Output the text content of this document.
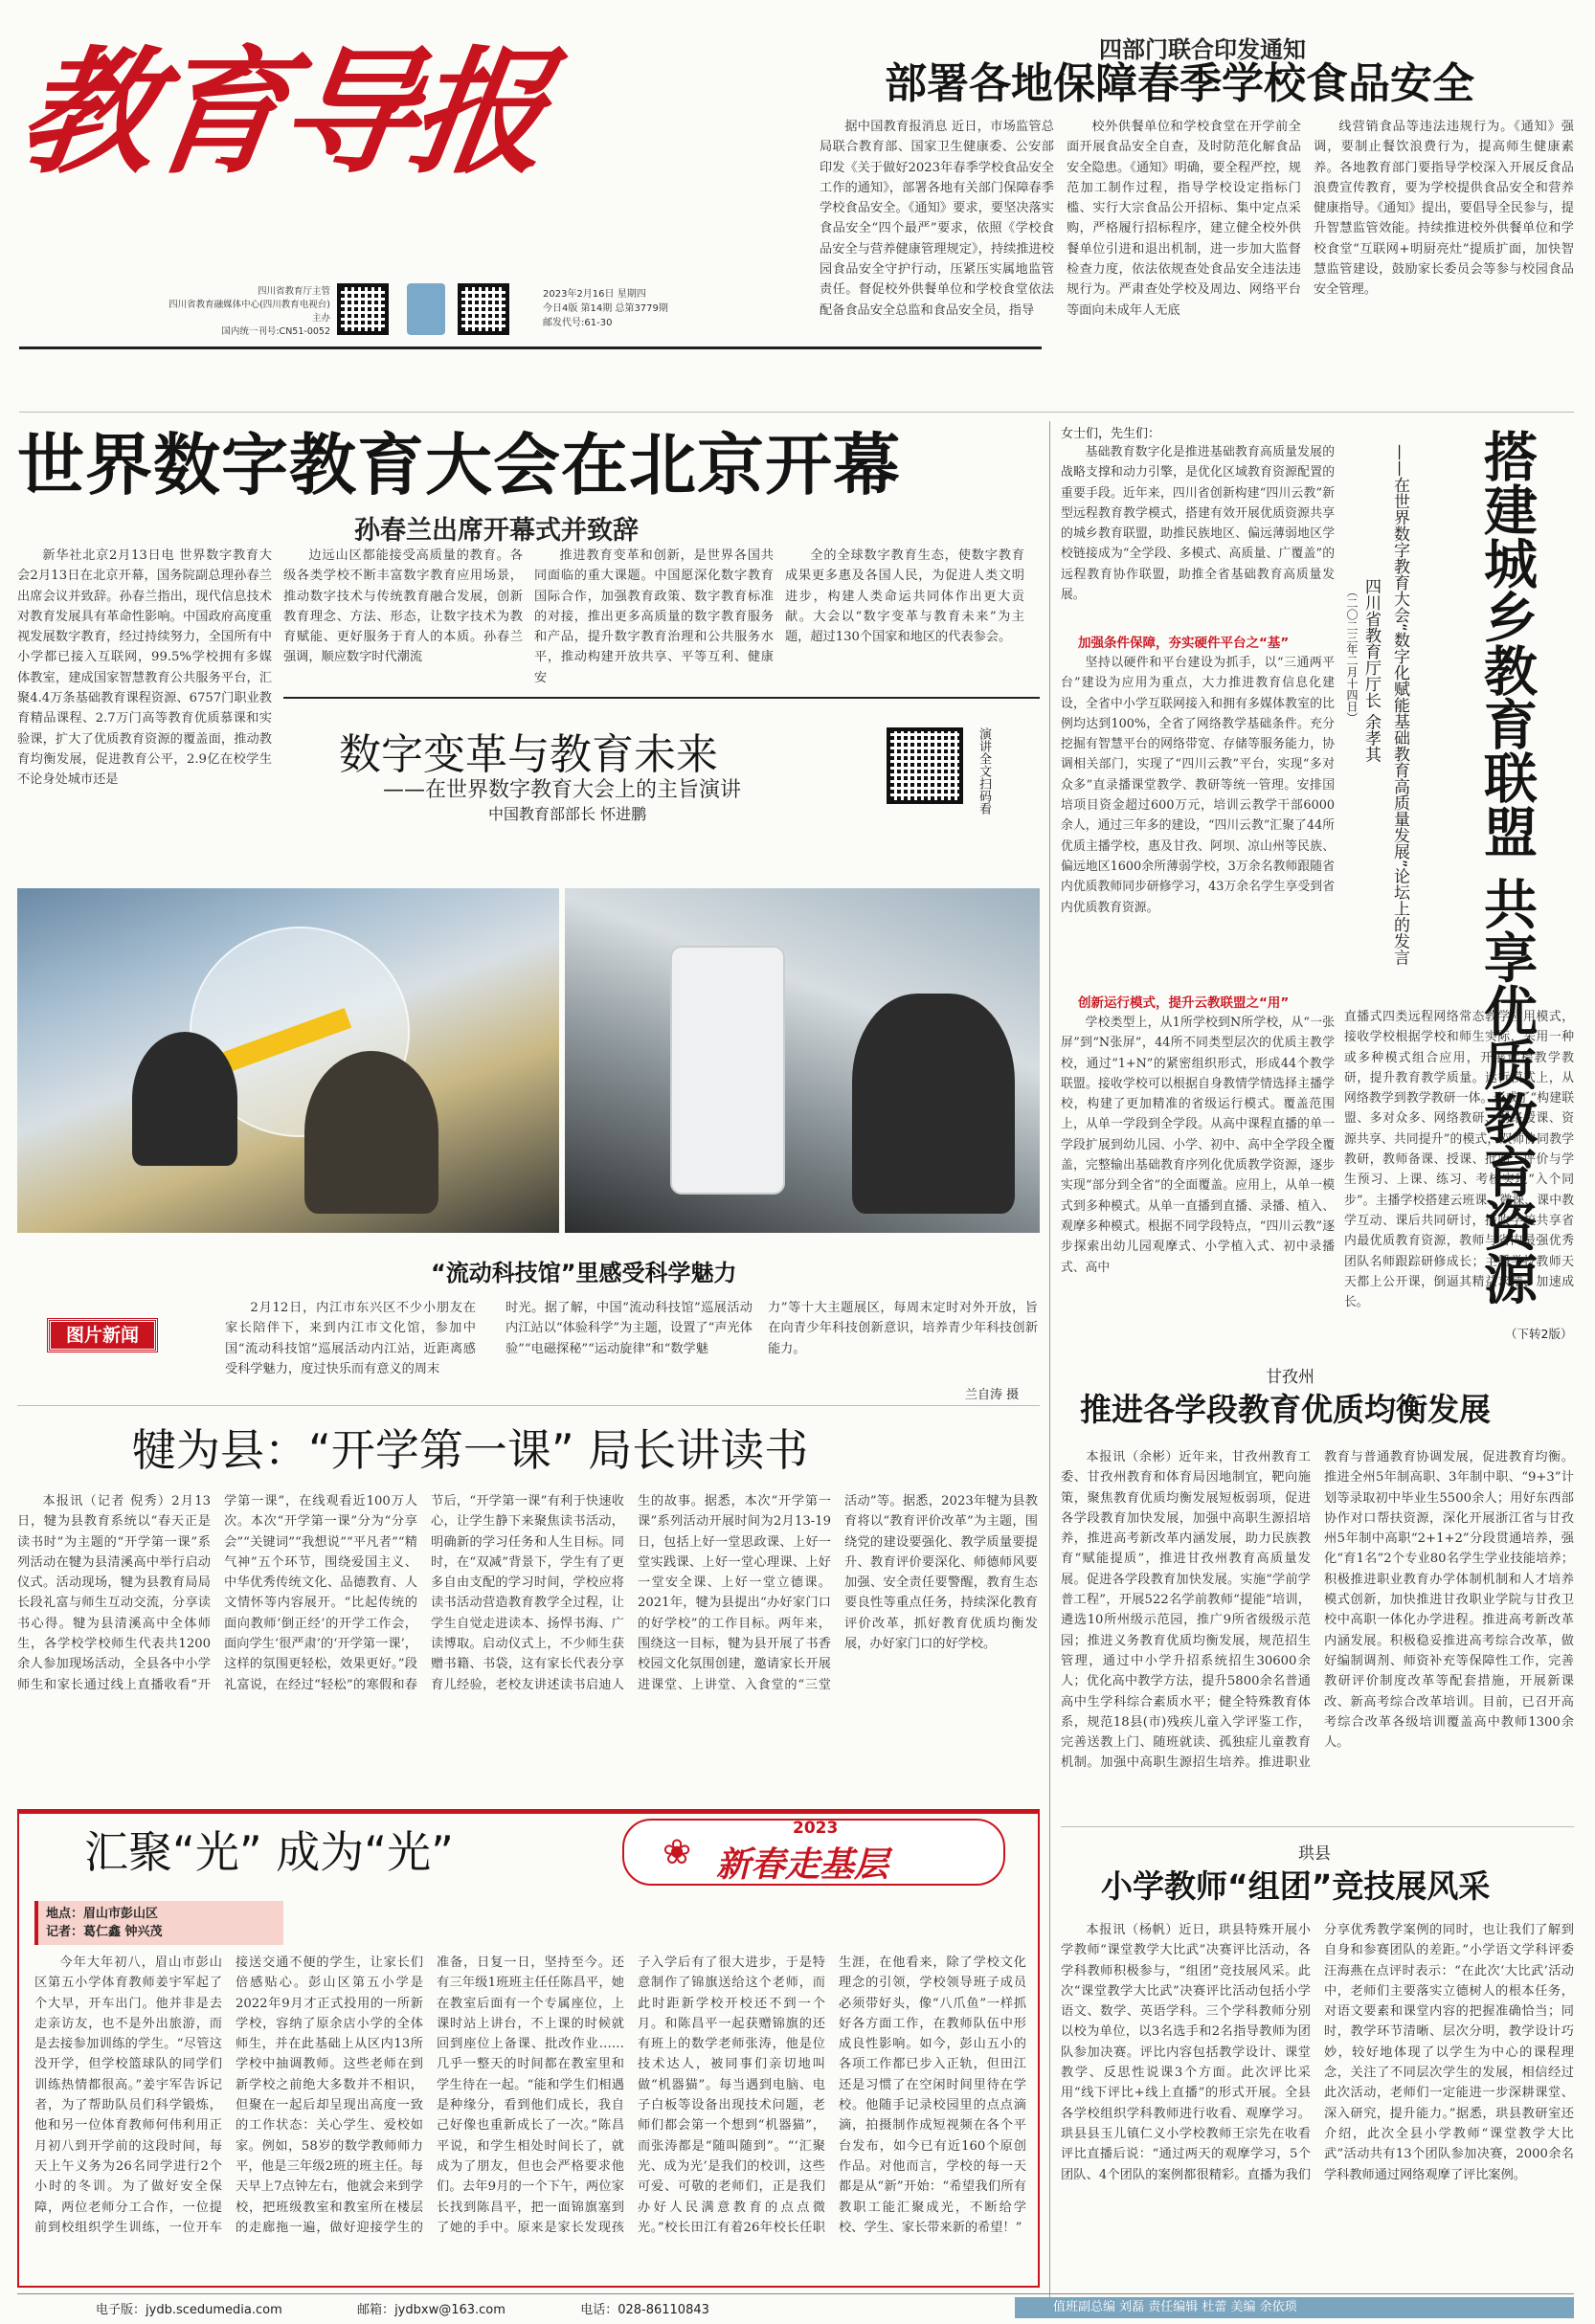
教育导报
四川省教育厅主管
四川省教育融媒体中心(四川教育电视台)主办
国内统一刊号:CN51-0052
2023年2月16日 星期四
今日4版 第14期 总第3779期
邮发代号:61-30
四部门联合印发通知
部署各地保障春季学校食品安全

据中国教育报消息 近日，市场监管总局联合教育部、国家卫生健康委、公安部印发《关于做好2023年春季学校食品安全工作的通知》，部署各地有关部门保障春季学校食品安全。《通知》要求，要坚决落实食品安全“四个最严”要求，依照《学校食品安全与营养健康管理规定》，持续推进校园食品安全守护行动，压紧压实属地监管责任。督促校外供餐单位和学校食堂依法配备食品安全总监和食品安全员，指导

校外供餐单位和学校食堂在开学前全面开展食品安全自查，及时防范化解食品安全隐患。《通知》明确，要全程严控，规范加工制作过程，指导学校设定指标门槛、实行大宗食品公开招标、集中定点采购，严格履行招标程序，建立健全校外供餐单位引进和退出机制，进一步加大监督检查力度，依法依规查处食品安全违法违规行为。严肃查处学校及周边、网络平台等面向未成年人无底

线营销食品等违法违规行为。《通知》强调，要制止餐饮浪费行为，提高师生健康素养。各地教育部门要指导学校深入开展反食品浪费宣传教育，要为学校提供食品安全和营养健康指导。《通知》提出，要倡导全民参与，提升智慧监管效能。持续推进校外供餐单位和学校食堂“互联网+明厨亮灶”提质扩面，加快智慧监管建设，鼓励家长委员会等参与校园食品安全管理。

世界数字教育大会在北京开幕
孙春兰出席开幕式并致辞

新华社北京2月13日电 世界数字教育大会2月13日在北京开幕，国务院副总理孙春兰出席会议并致辞。孙春兰指出，现代信息技术对教育发展具有革命性影响。中国政府高度重视发展数字教育，经过持续努力，全国所有中小学都已接入互联网，99.5%学校拥有多媒体教室，建成国家智慧教育公共服务平台，汇聚4.4万条基础教育课程资源、6757门职业教育精品课程、2.7万门高等教育优质慕课和实验课，扩大了优质教育资源的覆盖面，推动教育均衡发展，促进教育公平，2.9亿在校学生不论身处城市还是

边远山区都能接受高质量的教育。各级各类学校不断丰富数字教育应用场景，推动数字技术与传统教育融合发展，创新教育理念、方法、形态，让数字技术为教育赋能、更好服务于育人的本质。孙春兰强调，顺应数字时代潮流

推进教育变革和创新，是世界各国共同面临的重大课题。中国愿深化数字教育国际合作，加强教育政策、数字教育标准的对接，推出更多高质量的数字教育服务和产品，提升数字教育治理和公共服务水平，推动构建开放共享、平等互利、健康安

全的全球数字教育生态，使数字教育成果更多惠及各国人民，为促进人类文明进步，构建人类命运共同体作出更大贡献。大会以“数字变革与教育未来”为主题，超过130个国家和地区的代表参会。

数字变革与教育未来
——在世界数字教育大会上的主旨演讲
中国教育部部长 怀进鹏	演讲全文扫码看
“流动科技馆”里感受科学魅力
图片新闻

2月12日，内江市东兴区不少小朋友在家长陪伴下，来到内江市文化馆，参加中国“流动科技馆”巡展活动内江站，近距离感受科学魅力，度过快乐而有意义的周末

时光。据了解，中国“流动科技馆”巡展活动内江站以“体验科学”为主题，设置了“声光体验”“电磁探秘”“运动旋律”和“数学魅

力”等十大主题展区，每周末定时对外开放，旨在向青少年科技创新意识，培养青少年科技创新能力。

兰自涛 摄
女士们，先生们：

基础教育数字化是推进基础教育高质量发展的战略支撑和动力引擎，是优化区域教育资源配置的重要手段。近年来，四川省创新构建“四川云教”新型远程教育教学模式，搭建有效开展优质资源共享的城乡教育联盟，助推民族地区、偏远薄弱地区学校链接成为“全学段、多模式、高质量、广覆盖”的远程教育协作联盟，助推全省基础教育高质量发展。

加强条件保障，夯实硬件平台之“基”

坚持以硬件和平台建设为抓手，以“三通两平台”建设为应用为重点，大力推进教育信息化建设，全省中小学互联网接入和拥有多媒体教室的比例均达到100%，全省了网络教学基础条件。充分挖掘有智慧平台的网络带宽、存储等服务能力，协调相关部门，实现了“四川云教”平台，实现“多对众多”直录播课堂教学、教研等统一管理。安排国培项目资金超过600万元，培训云教学干部6000余人，通过三年多的建设，“四川云教”汇聚了44所优质主播学校，惠及甘孜、阿坝、凉山州等民族、偏远地区1600余所薄弱学校，3万余名教师跟随省内优质教师同步研修学习，43万余名学生享受到省内优质教育资源。

创新运行模式，提升云教联盟之“用”

学校类型上，从1所学校到N所学校，从“一张屏”到“N张屏”，44所不同类型层次的优质主教学校，通过“1+N”的紧密组织形式，形成44个教学联盟。接收学校可以根据自身教情学情选择主播学校，构建了更加精准的省级运行模式。覆盖范围上，从单一学段到全学段。从高中课程直播的单一学段扩展到幼儿园、小学、初中、高中全学段全覆盖，完整输出基础教育序列化优质教学资源，逐步实现“部分到全省”的全面覆盖。应用上，从单一模式到多种模式。从单一直播到直播、录播、植入、观摩多种模式。根据不同学段特点，“四川云教”逐步探索出幼儿园观摩式、小学植入式、初中录播式、高中

直播式四类远程网络常态教学应用模式，接收学校根据学校和师生实际，采用一种或多种模式组合应用，开展远程教学教研，提升教育教学质量。运行模式上，从网络教学到教学教研一体。形成了“构建联盟、多对众多、网络教研、网络授课、资源共享、共同提升”的模式，双师协同教学教研，教师备课、授课、批阅、评价与学生预习、上课、练习、考核实现“入个同步”。主播学校搭建云班课、微课、课中教学互动、课后共同研讨，接收学校共享省内最优质教育资源，教师与省内最强优秀团队名师跟踪研修成长；主播学校教师天天都上公开课，倒逼其精益求精、加速成长。

（下转2版）
搭建城乡教育联盟 共享优质教育资源
——在世界数字教育大会“数字化赋能基础教育高质量发展”论坛上的发言
四川省教育厅厅长 余孝其
（二〇二三年二月十四日）
犍为县：“开学第一课” 局长讲读书

本报讯（记者 倪秀）2月13日，犍为县教育系统以“春天正是读书时”为主题的“开学第一课”系列活动在犍为县清溪高中举行启动仪式。活动现场，犍为县教育局局长段礼富与师生互动交流，分享读书心得。犍为县清溪高中全体师生，各学校学校师生代表共1200余人参加现场活动，全县各中小学师生和家长通过线上直播收看“开学第一课”，在线观看近100万人次。本次“开学第一课”分为“分享会”“关键词”“我想说”“平凡者”“精气神”五个环节，围绕爱国主义、中华优秀传统文化、品德教育、人文情怀等内容展开。“比起传统的面向教师‘倒正经’的开学工作会，面向学生‘很严肃’的‘开学第一课’，这样的氛围更轻松，效果更好。”段礼富说，在经过“轻松”的寒假和春节后，“开学第一课”有利于快速收心，让学生静下来聚焦读书活动，明确新的学习任务和人生目标。同时，在“双减”背景下，学生有了更多自由支配的学习时间，学校应将读书活动营造教育教学全过程，让学生自觉走进读本、扬悍书海、广读博取。启动仪式上，不少师生获赠书籍、书袋，这有家长代表分享育儿经验，老校友讲述读书启迪人生的故事。据悉，本次“开学第一课”系列活动开展时间为2月13-19日，包括上好一堂思政课、上好一堂实践课、上好一堂心理课、上好一堂安全课、上好一堂立德课。2021年，犍为县提出“办好家门口的好学校”的工作目标。两年来，围绕这一目标，犍为县开展了书香校园文化氛围创建，邀请家长开展进课堂、上讲堂、入食堂的“三堂活动”等。据悉，2023年犍为县教育将以“教育评价改革”为主题，围绕党的建设要强化、教学质量要提升、教育评价要深化、师德师风要加强、安全责任要警醒，教育生态要良性等重点任务，持续深化教育评价改革，抓好教育优质均衡发展，办好家门口的好学校。

甘孜州
推进各学段教育优质均衡发展

本报讯（余彬）近年来，甘孜州教育工委、甘孜州教育和体育局因地制宜，靶向施策，聚焦教育优质均衡发展短板弱项，促进各学段教育加快发展，加强中高职生源招培养，推进高考新改革内涵发展，助力民族教育“赋能提质”，推进甘孜州教育高质量发展。促进各学段教育加快发展。实施“学前学普工程”，开展522名学前教师“提能”培训，遴选10所州级示范园，推广9所省级级示范园；推进义务教育优质均衡发展，规范招生管理，通过中小学升招系统招生30600余人；优化高中教学方法，提升5800余名普通高中生学科综合素质水平；健全特殊教育体系，规范18县(市)残疾儿童入学评鉴工作，完善送教上门、随班就读、孤独症儿童教育机制。加强中高职生源招生培养。推进职业教育与普通教育协调发展，促进教育均衡。推进全州5年制高职、3年制中职、“9+3”计划等录取初中毕业生5500余人；用好东西部协作对口帮扶资源，深化开展浙江省与甘孜州5年制中高职“2+1+2”分段贯通培养，强化“育1名”2个专业80名学生学业技能培养；积极推进职业教育办学体制机制和人才培养模式创新，加快推进甘孜职业学院与甘孜卫校中高职一体化办学进程。推进高考新改革内涵发展。积极稳妥推进高考综合改革，做好编制调剂、师资补充等保障性工作，完善教研评价制度改革等配套措施，开展新课改、新高考综合改革培训。目前，已召开高考综合改革各级培训覆盖高中教师1300余人。

汇聚“光” 成为“光”	2023
❀ 新春走基层
地点：眉山市彭山区
记者：葛仁鑫 钟兴茂

今年大年初八，眉山市彭山区第五小学体育教师姜宇军起了个大早，开车出门。他并非是去走亲访友，也不是外出旅游，而是去接参加训练的学生。“尽管这没开学，但学校篮球队的同学们训练热情都很高。”姜宇军告诉记者，为了帮助队员们科学锻炼，他和另一位体育教师何伟利用正月初八到开学前的这段时间，每天上午义务为26名同学进行2个小时的冬训。为了做好安全保障，两位老师分工合作，一位提前到校组织学生训练，一位开车接送交通不便的学生，让家长们倍感贴心。彭山区第五小学是2022年9月才正式投用的一所新学校，容纳了原余店小学的全体师生，并在此基础上从区内13所学校中抽调教师。这些老师在到新学校之前绝大多数并不相识，但聚在一起后却呈现出高度一致的工作状态：关心学生、爱校如家。例如，58岁的数学教师师力平，他是三年级2班的班主任。每天早上7点钟左右，他就会来到学校，把班级教室和教室所在楼层的走廊拖一遍，做好迎接学生的准备，日复一日，坚持至今。还有三年级1班班主任任陈昌平，她在教室后面有一个专属座位，上课时站上讲台，不上课的时候就回到座位上备课、批改作业……几乎一整天的时间都在教室里和学生待在一起。“能和学生们相遇是种缘分，看到他们成长，我自己好像也重新成长了一次。”陈昌平说，和学生相处时间长了，就成为了朋友，但也会严格要求他们。去年9月的一个下午，两位家长找到陈昌平，把一面锦旗塞到了她的手中。原来是家长发现孩子入学后有了很大进步，于是特意制作了锦旗送给这个老师，而此时距新学校开校还不到一个月。和陈昌平一起获赠锦旗的还有班上的数学老师张涛，他是位技术达人，被同事们亲切地叫做“机器猫”。每当遇到电脑、电子白板等设备出现技术问题，老师们都会第一个想到“机器猫”，而张涛都是“随叫随到”。“‘汇聚光、成为光’是我们的校训，这些可爱、可敬的老师们，正是我们办好人民满意教育的点点微光。”校长田江有着26年校长任职生涯，在他看来，除了学校文化理念的引领，学校领导班子成员必须带好头，像“八爪鱼”一样抓好各方面工作，在教师队伍中形成良性影响。如今，彭山五小的各项工作都已步入正轨，但田江还是习惯了在空闲时间里待在学校。他随手记录校园里的点点滴滴，拍摄制作成短视频在各个平台发布，如今已有近160个原创作品。对他而言，学校的每一天都是从“新”开始：“希望我们所有教职工能汇聚成光，不断给学校、学生、家长带来新的希望！”

珙县
小学教师“组团”竞技展风采

本报讯（杨帆）近日，珙县特殊开展小学教师“课堂教学大比武”决赛评比活动，各学科教师积极参与，“组团”竞技展风采。此次“课堂教学大比武”决赛评比活动包括小学语文、数学、英语学科。三个学科教师分别以校为单位，以3名选手和2名指导教师为团队参加决赛。评比内容包括教学设计、课堂教学、反思性说课3个方面。此次评比采用“线下评比+线上直播”的形式开展。全县各学校组织学科教师进行收看、观摩学习。珙县县玉儿镇仁义小学校教师王宗先在收看评比直播后说：“通过两天的观摩学习，5个团队、4个团队的案例都很精彩。直播为我们分享优秀教学案例的同时，也让我们了解到自身和参赛团队的差距。”小学语文学科评委汪海燕在点评时表示：“在此次‘大比武’活动中，老师们主要落实立德树人的根本任务，对语文要素和课堂内容的把握准确恰当；同时，教学环节清晰、层次分明，教学设计巧妙，较好地体现了以学生为中心的课程理念，关注了不同层次学生的发展，相信经过此次活动，老师们一定能进一步深耕课堂、深入研究，提升能力。”据悉，珙县教研室还介绍，此次全县小学教师“课堂教学大比武”活动共有13个团队参加决赛，2000余名学科教师通过网络观摩了评比案例。

电子版：jydb.scedumedia.com	邮箱：jydbxw@163.com	电话：028-86110843	值班副总编 刘磊 责任编辑 杜蕾 美编 余依琐
